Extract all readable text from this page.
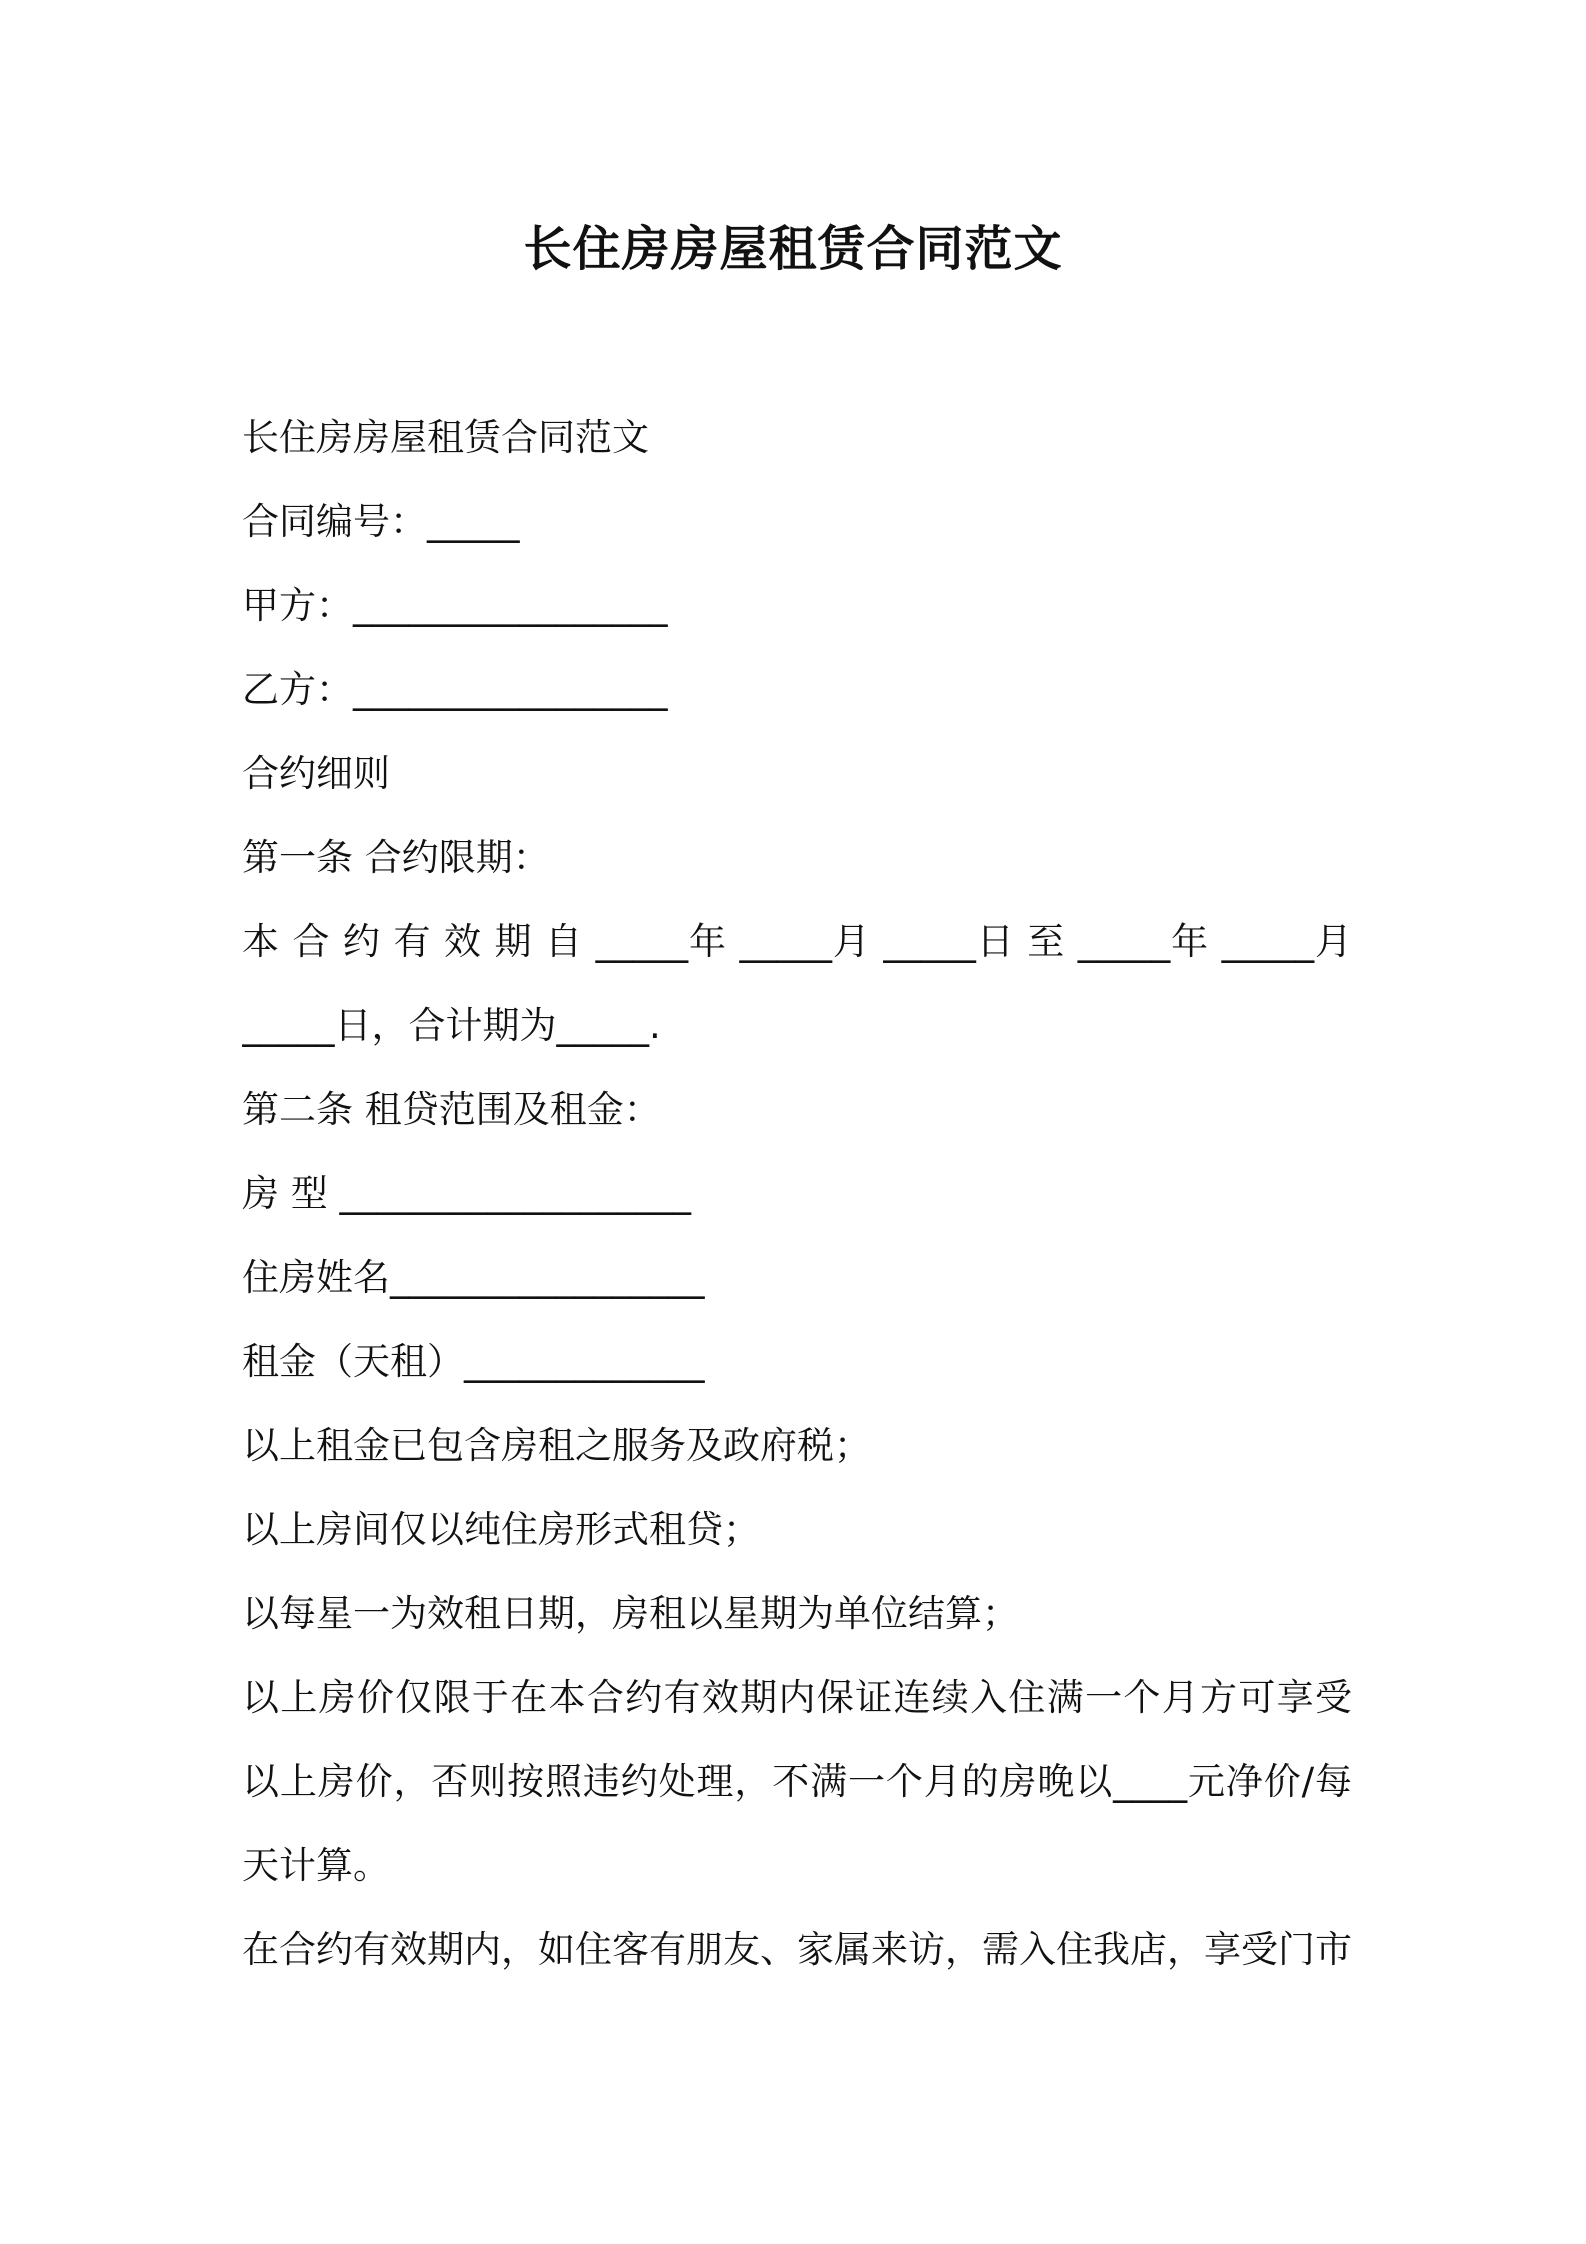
长住房房屋租赁合同范文
长住房房屋租赁合同范文
合同编号：_____
甲方：_________________
乙方：_________________
合约细则
第一条 合约限期：
本 合 约 有 效 期 自 _____年 _____月 _____日 至 _____年 _____月
_____日，合计期为_____.
第二条 租贷范围及租金：
房 型 ___________________
住房姓名_________________
租金（天租）_____________
以上租金已包含房租之服务及政府税；
以上房间仅以纯住房形式租贷；
以每星一为效租日期，房租以星期为单位结算；
以上房价仅限于在本合约有效期内保证连续入住满一个月方可享受
以上房价，否则按照违约处理，不满一个月的房晚以____元净价/每
天计算。
在合约有效期内，如住客有朋友、家属来访，需入住我店，享受门市
